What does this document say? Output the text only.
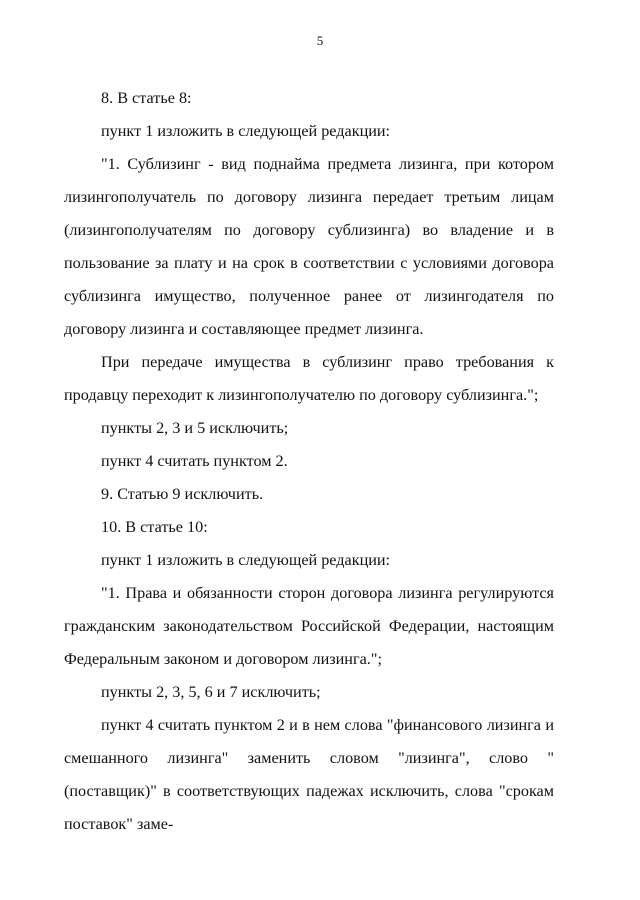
5

8. В статье 8:

пункт 1 изложить в следующей редакции:

"1. Сублизинг - вид поднайма предмета лизинга, при котором лизингополучатель по договору лизинга передает третьим лицам (лизингополучателям по договору сублизинга) во владение и в пользование за плату и на срок в соответствии с условиями договора сублизинга имущество, полученное ранее от лизингодателя по договору лизинга и составляющее предмет лизинга.

При передаче имущества в сублизинг право требования к продавцу переходит к лизингополучателю по договору сублизинга.";

пункты 2, 3 и 5 исключить;

пункт 4 считать пунктом 2.

9. Статью 9 исключить.

10. В статье 10:

пункт 1 изложить в следующей редакции:

"1. Права и обязанности сторон договора лизинга регулируются гражданским законодательством Российской Федерации, настоящим Федеральным законом и договором лизинга.";

пункты 2, 3, 5, 6 и 7 исключить;

пункт 4 считать пунктом 2 и в нем слова "финансового лизинга и смешанного лизинга" заменить словом "лизинга", слово "(поставщик)" в соответствующих падежах исключить, слова "срокам поставок" заме-
